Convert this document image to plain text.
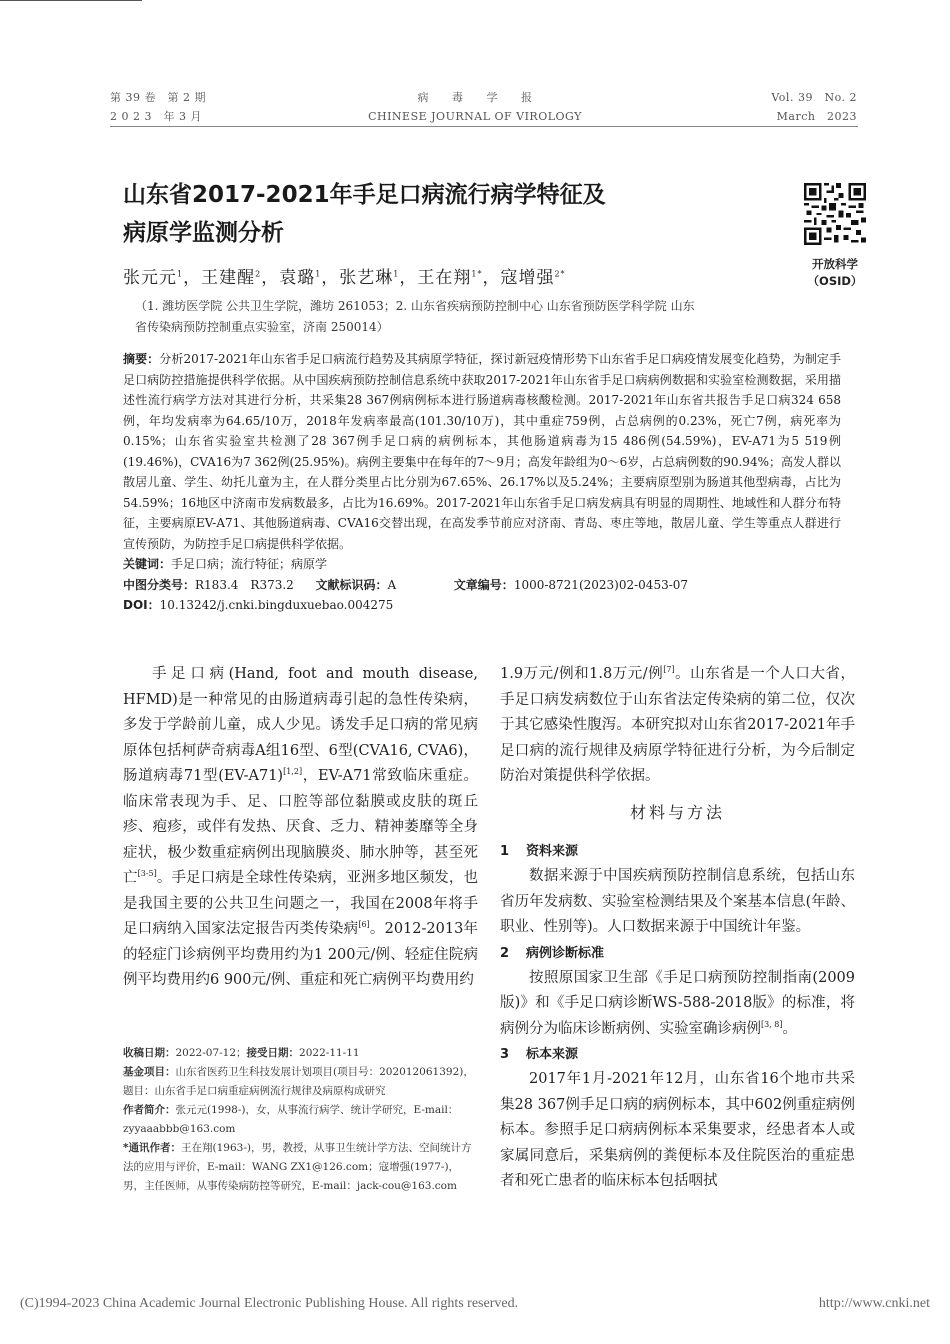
第 39 卷　第 2 期
2 0 2 3　年 3 月
病　　毒　　学　　报
CHINESE JOURNAL OF VIROLOGY
Vol. 39　No. 2
March　2023
山东省2017-2021年手足口病流行病学特征及
病原学监测分析
开放科学
（OSID）
张元元$^1$，王建醒$^2$，袁璐$^1$，张艺琳$^1$，王在翔$^{1*}$，寇增强$^{2*}$
（1. 潍坊医学院 公共卫生学院，潍坊 261053；2. 山东省疾病预防控制中心 山东省预防医学科学院 山东省传染病预防控制重点实验室，济南 250014）
摘要：分析2017-2021年山东省手足口病流行趋势及其病原学特征，探讨新冠疫情形势下山东省手足口病疫情发展变化趋势，为制定手足口病防控措施提供科学依据。从中国疾病预防控制信息系统中获取2017-2021年山东省手足口病病例数据和实验室检测数据，采用描述性流行病学方法对其进行分析，共采集28 367例病例标本进行肠道病毒核酸检测。2017-2021年山东省共报告手足口病324 658例，年均发病率为64.65/10万，2018年发病率最高(101.30/10万)，其中重症759例，占总病例的0.23%，死亡7例，病死率为0.15%；山东省实验室共检测了28 367例手足口病的病例标本，其他肠道病毒为15 486例(54.59%)，EV-A71为5 519例(19.46%)，CVA16为7 362例(25.95%)。病例主要集中在每年的7～9月；高发年龄组为0～6岁，占总病例数的90.94%；高发人群以散居儿童、学生、幼托儿童为主，在人群分类里占比分别为67.65%、26.17%以及5.24%；主要病原型别为肠道其他型病毒，占比为54.59%；16地区中济南市发病数最多，占比为16.69%。2017-2021年山东省手足口病发病具有明显的周期性、地域性和人群分布特征，主要病原EV-A71、其他肠道病毒、CVA16交替出现，在高发季节前应对济南、青岛、枣庄等地，散居儿童、学生等重点人群进行宣传预防，为防控手足口病提供科学依据。
关键词：手足口病；流行特征；病原学
中图分类号：R183.4　R373.2 文献标识码：A	文章编号：1000-8721(2023)02-0453-07
DOI：10.13242/j.cnki.bingduxuebao.004275

手足口病(Hand, foot and mouth disease, HFMD)是一种常见的由肠道病毒引起的急性传染病，多发于学龄前儿童，成人少见。诱发手足口病的常见病原体包括柯萨奇病毒A组16型、6型(CVA16, CVA6)，肠道病毒71型(EV-A71)[1,2]，EV-A71常致临床重症。临床常表现为手、足、口腔等部位黏膜或皮肤的斑丘疹、疱疹，或伴有发热、厌食、乏力、精神萎靡等全身症状，极少数重症病例出现脑膜炎、肺水肿等，甚至死亡[3-5]。手足口病是全球性传染病，亚洲多地区频发，也是我国主要的公共卫生问题之一，我国在2008年将手足口病纳入国家法定报告丙类传染病[6]。2012-2013年的轻症门诊病例平均费用约为1 200元/例、轻症住院病例平均费用约6 900元/例、重症和死亡病例平均费用约

1.9万元/例和1.8万元/例[7]。山东省是一个人口大省，手足口病发病数位于山东省法定传染病的第二位，仅次于其它感染性腹泻。本研究拟对山东省2017-2021年手足口病的流行规律及病原学特征进行分析，为今后制定防治对策提供科学依据。

材料与方法
1 资料来源

数据来源于中国疾病预防控制信息系统，包括山东省历年发病数、实验室检测结果及个案基本信息(年龄、职业、性别等)。人口数据来源于中国统计年鉴。

2 病例诊断标准

按照原国家卫生部《手足口病预防控制指南(2009版)》和《手足口病诊断WS-588-2018版》的标准，将病例分为临床诊断病例、实验室确诊病例[3, 8]。

3 标本来源

2017年1月-2021年12月，山东省16个地市共采集28 367例手足口病的病例标本，其中602例重症病例标本。参照手足口病病例标本采集要求，经患者本人或家属同意后，采集病例的粪便标本及住院医治的重症患者和死亡患者的临床标本包括咽拭

收稿日期：2022-07-12；接受日期：2022-11-11
基金项目：山东省医药卫生科技发展计划项目(项目号：202012061392)，题目：山东省手足口病重症病例流行规律及病原构成研究
作者简介：张元元(1998-)，女，从事流行病学、统计学研究，E-mail：zyyaaabbb@163.com
*通讯作者：王在翔(1963-)，男，教授，从事卫生统计学方法、空间统计方法的应用与评价，E-mail：WANG ZX1@126.com；寇增强(1977-)，男，主任医师，从事传染病防控等研究，E-mail：jack-cou@163.com
(C)1994-2023 China Academic Journal Electronic Publishing House. All rights reserved.	http://www.cnki.net
